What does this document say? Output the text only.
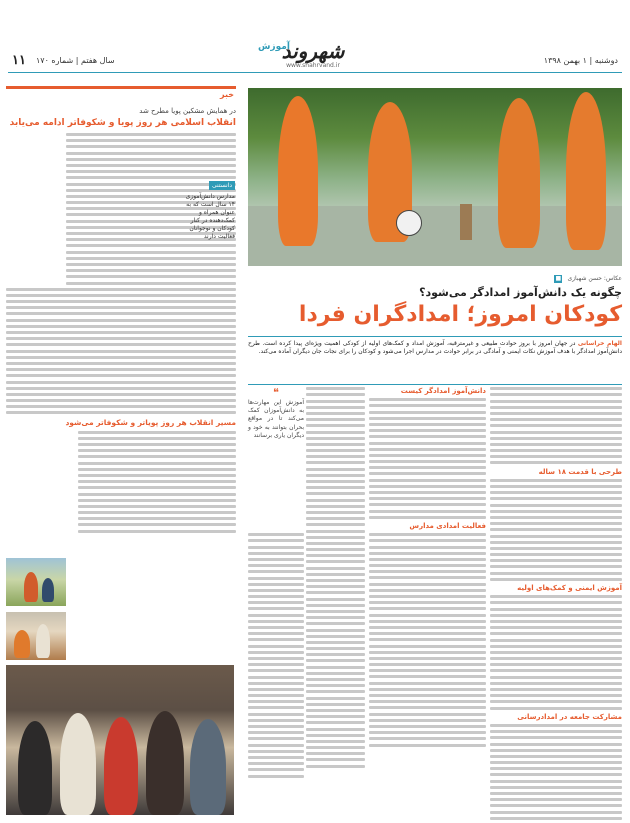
دوشنبه | ۱ بهمن ۱۳۹۸
سال هفتم | شماره ۱۷۰
۱۱
آموزش
شهروند
www.shahrvand.ir
خبر
در همایش مشکین پویا مطرح شد
انقلاب اسلامی هر روز پویا و شکوفاتر ادامه می‌یابد
مسیر انقلاب هر روز پویاتر و شکوفاتر می‌شود
دانستنی
مدارس دانش‌آموزی ۱۴ سال است که به عنوان همراه و کمک‌دهنده در کنار کودکان و نوجوانان فعالیت دارند
عکاس: حسن شهبازی ■
چگونه یک دانش‌آموز امدادگر می‌شود؟
کودکان امروز؛ امدادگران فردا
الهام خراسانی در جهان امروز با بروز حوادث طبیعی و غیرمترقبه، آموزش امداد و کمک‌های اولیه از کودکی اهمیت ویژه‌ای پیدا کرده است. طرح دانش‌آموز امدادگر با هدف آموزش نکات ایمنی و آمادگی در برابر حوادث در مدارس اجرا می‌شود و کودکان را برای نجات جان دیگران آماده می‌کند.
طرحی با قدمت ۱۸ ساله
آموزش ایمنی و کمک‌های اولیه
مشارکت جامعه در امدادرسانی
دانش‌آموز امدادگر کیست
فعالیت امدادی مدارس
❝
آموزش این مهارت‌ها به دانش‌آموزان کمک می‌کند تا در مواقع بحران بتوانند به خود و دیگران یاری برسانند
